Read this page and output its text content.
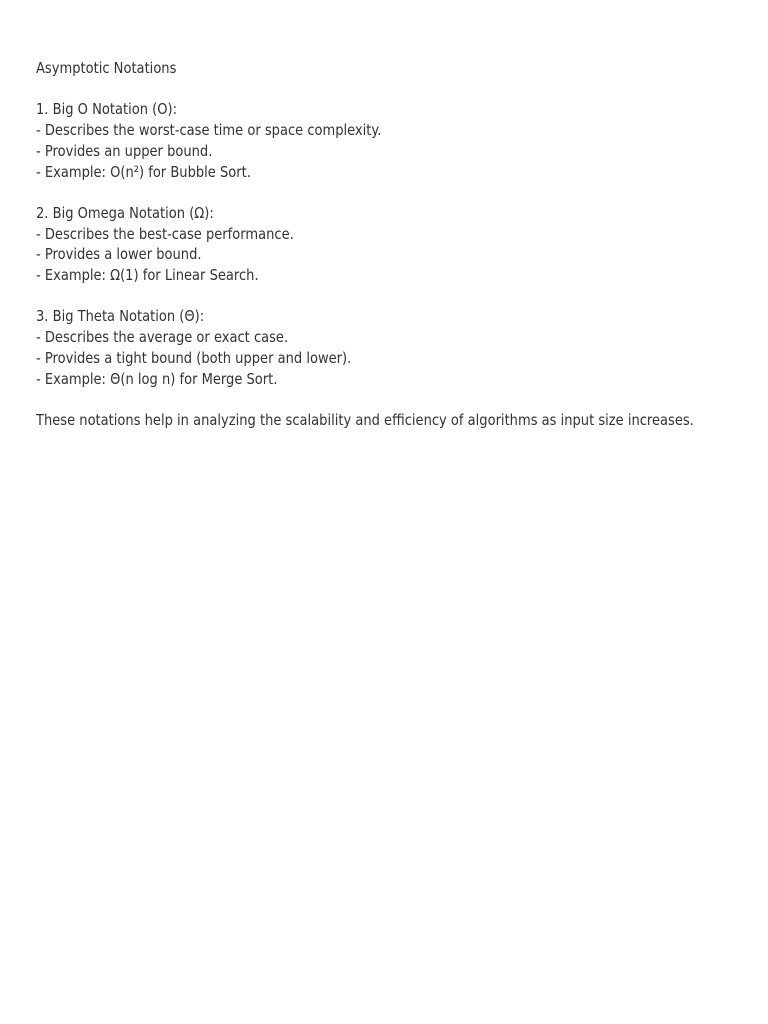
Asymptotic Notations
1. Big O Notation (O):
- Describes the worst-case time or space complexity.
- Provides an upper bound.
- Example: O(n²) for Bubble Sort.
2. Big Omega Notation (Ω):
- Describes the best-case performance.
- Provides a lower bound.
- Example: Ω(1) for Linear Search.
3. Big Theta Notation (Θ):
- Describes the average or exact case.
- Provides a tight bound (both upper and lower).
- Example: Θ(n log n) for Merge Sort.
These notations help in analyzing the scalability and efficiency of algorithms as input size increases.
